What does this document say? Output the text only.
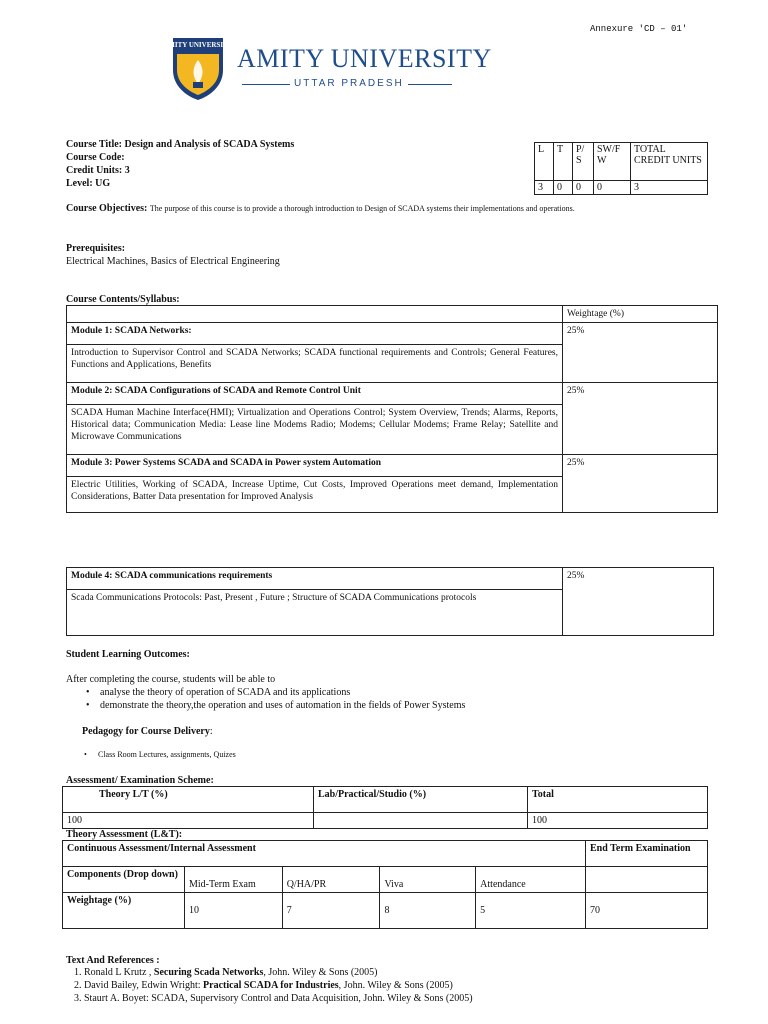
Annexure 'CD – 01'
AMITY UNIVERSITY AMITY UNIVERSITY
UTTAR PRADESH
Course Title: Design and Analysis of SCADA Systems
Course Code:
Credit Units: 3
Level: UG
L	T	P/ S	SW/F W	TOTAL CREDIT UNITS
3	0	0	0	3
Course Objectives: The purpose of this course is to provide a thorough introduction to Design of SCADA systems their implementations and operations.
Prerequisites:
Electrical Machines, Basics of Electrical Engineering
Course Contents/Syllabus:
	Weightage (%)
Module 1: SCADA Networks:	25%
Introduction to Supervisor Control and SCADA Networks; SCADA functional requirements and Controls; General Features, Functions and Applications, Benefits	
Module 2: SCADA Configurations of SCADA and Remote Control Unit	25%
SCADA Human Machine Interface(HMI); Virtualization and Operations Control; System Overview, Trends; Alarms, Reports, Historical data; Communication Media: Lease line Modems Radio; Modems; Cellular Modems; Frame Relay; Satellite and Microwave Communications	
Module 3: Power Systems SCADA and SCADA in Power system Automation	25%
Electric Utilities, Working of SCADA, Increase Uptime, Cut Costs, Improved Operations meet demand, Implementation Considerations, Batter Data presentation for Improved Analysis	
Module 4: SCADA communications requirements	25%
Scada Communications Protocols: Past, Present , Future ; Structure of SCADA Communications protocols
Student Learning Outcomes:
After completing the course, students will be able to
• analyse the theory of operation of SCADA and its applications
• demonstrate the theory,the operation and uses of automation in the fields of Power Systems
Pedagogy for Course Delivery:
• Class Room Lectures, assignments, Quizes
Assessment/ Examination Scheme:
Theory L/T (%)	Lab/Practical/Studio (%)	Total
100		100
Theory Assessment (L&T):
Continuous Assessment/Internal Assessment					End Term Examination
Components (Drop down)	Mid-Term Exam	Q/HA/PR	Viva	Attendance	
Weightage (%)	10	7	8	5	70
Text And References :
1. Ronald L Krutz , Securing Scada Networks, John. Wiley & Sons (2005)
2. David Bailey, Edwin Wright: Practical SCADA for Industries, John. Wiley & Sons (2005)
3. Staurt A. Boyet: SCADA, Supervisory Control and Data Acquisition, John. Wiley & Sons (2005)
